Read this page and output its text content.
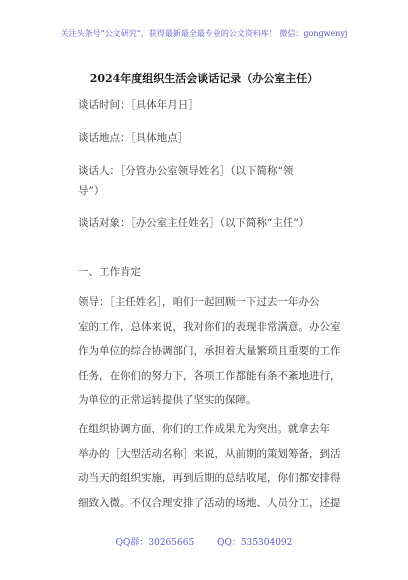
关注头条号“公文研究”，获得最新最全最专业的公文资料库！ 微信：gongwenyj
2024年度组织生活会谈话记录（办公室主任）
谈话时间：［具体年月日］
谈话地点：［具体地点］
谈话人：［分管办公室领导姓名］（以下简称“领
导”）
谈话对象：［办公室主任姓名］（以下简称“主任”）
一、工作肯定

领导：［主任姓名］，咱们一起回顾一下过去一年办公

室的工作，总体来说，我对你们的表现非常满意。办公室

作为单位的综合协调部门，承担着大量繁琐且重要的工作

任务，在你们的努力下，各项工作都能有条不紊地进行，

为单位的正常运转提供了坚实的保障。

在组织协调方面，你们的工作成果尤为突出。就拿去年

举办的［大型活动名称］来说，从前期的策划筹备，到活

动当天的组织实施，再到后期的总结收尾，你们都安排得

细致入微。不仅合理安排了活动的场地、人员分工，还提

QQ群：30265665	QQ：535304092
